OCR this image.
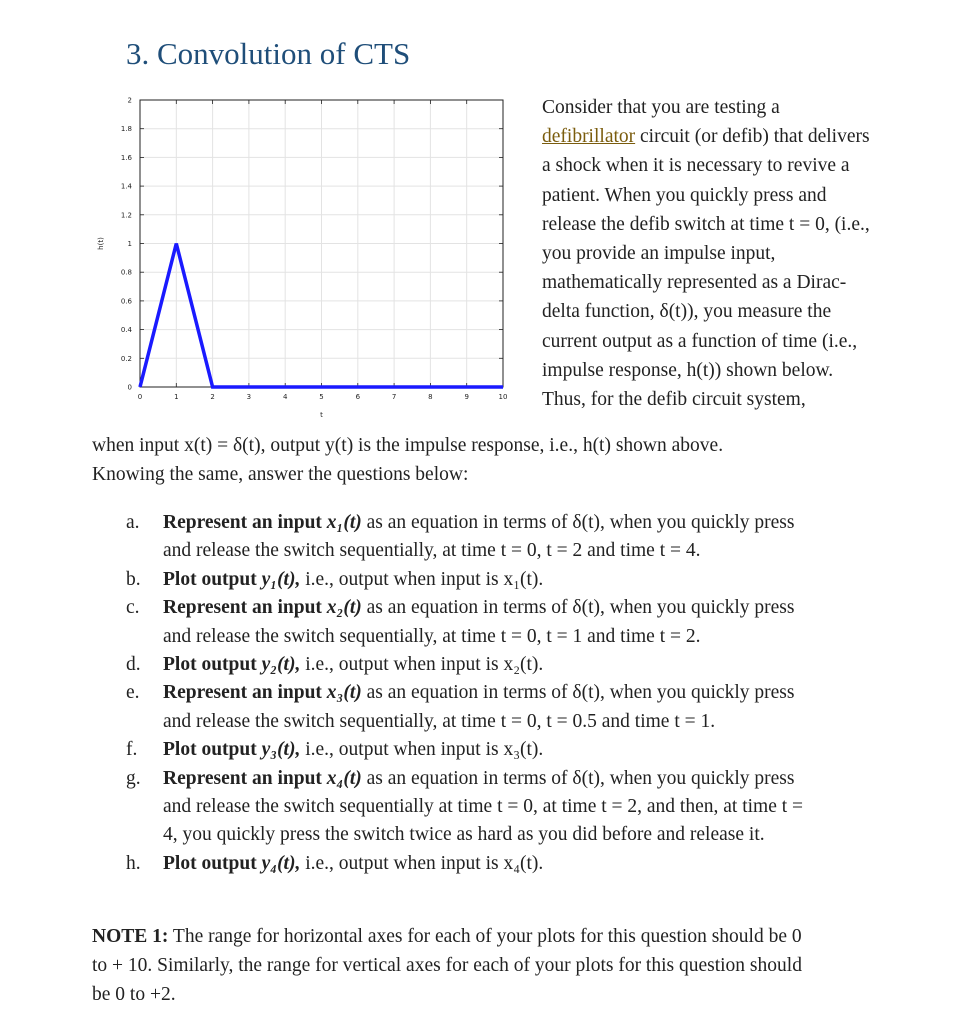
3. Convolution of CTS
0	1	2	3	4	5	6	7	8	9	10
0
0.2
0.4
0.6
0.8
1
1.2
1.4
1.6
1.8
2
t
h(t)
Consider that you are testing a
defibrillator circuit (or defib) that delivers
a shock when it is necessary to revive a
patient. When you quickly press and
release the defib switch at time t = 0, (i.e.,
you provide an impulse input,
mathematically represented as a Dirac-
delta function, δ(t)), you measure the
current output as a function of time (i.e.,
impulse response, h(t)) shown below.
Thus, for the defib circuit system,
when input x(t) = δ(t), output y(t) is the impulse response, i.e., h(t) shown above.
Knowing the same, answer the questions below:
a. Represent an input x₁(t) as an equation in terms of δ(t), when you quickly press
and release the switch sequentially, at time t = 0, t = 2 and time t = 4.
b. Plot output y₁(t), i.e., output when input is x₁(t).
c. Represent an input x₂(t) as an equation in terms of δ(t), when you quickly press
and release the switch sequentially, at time t = 0, t = 1 and time t = 2.
d. Plot output y₂(t), i.e., output when input is x₂(t).
e. Represent an input x₃(t) as an equation in terms of δ(t), when you quickly press
and release the switch sequentially, at time t = 0, t = 0.5 and time t = 1.
f. Plot output y₃(t), i.e., output when input is x₃(t).
g. Represent an input x₄(t) as an equation in terms of δ(t), when you quickly press
and release the switch sequentially at time t = 0, at time t = 2, and then, at time t =
4, you quickly press the switch twice as hard as you did before and release it.
h. Plot output y₄(t), i.e., output when input is x₄(t).
NOTE 1: The range for horizontal axes for each of your plots for this question should be 0
to + 10. Similarly, the range for vertical axes for each of your plots for this question should
be 0 to +2.
